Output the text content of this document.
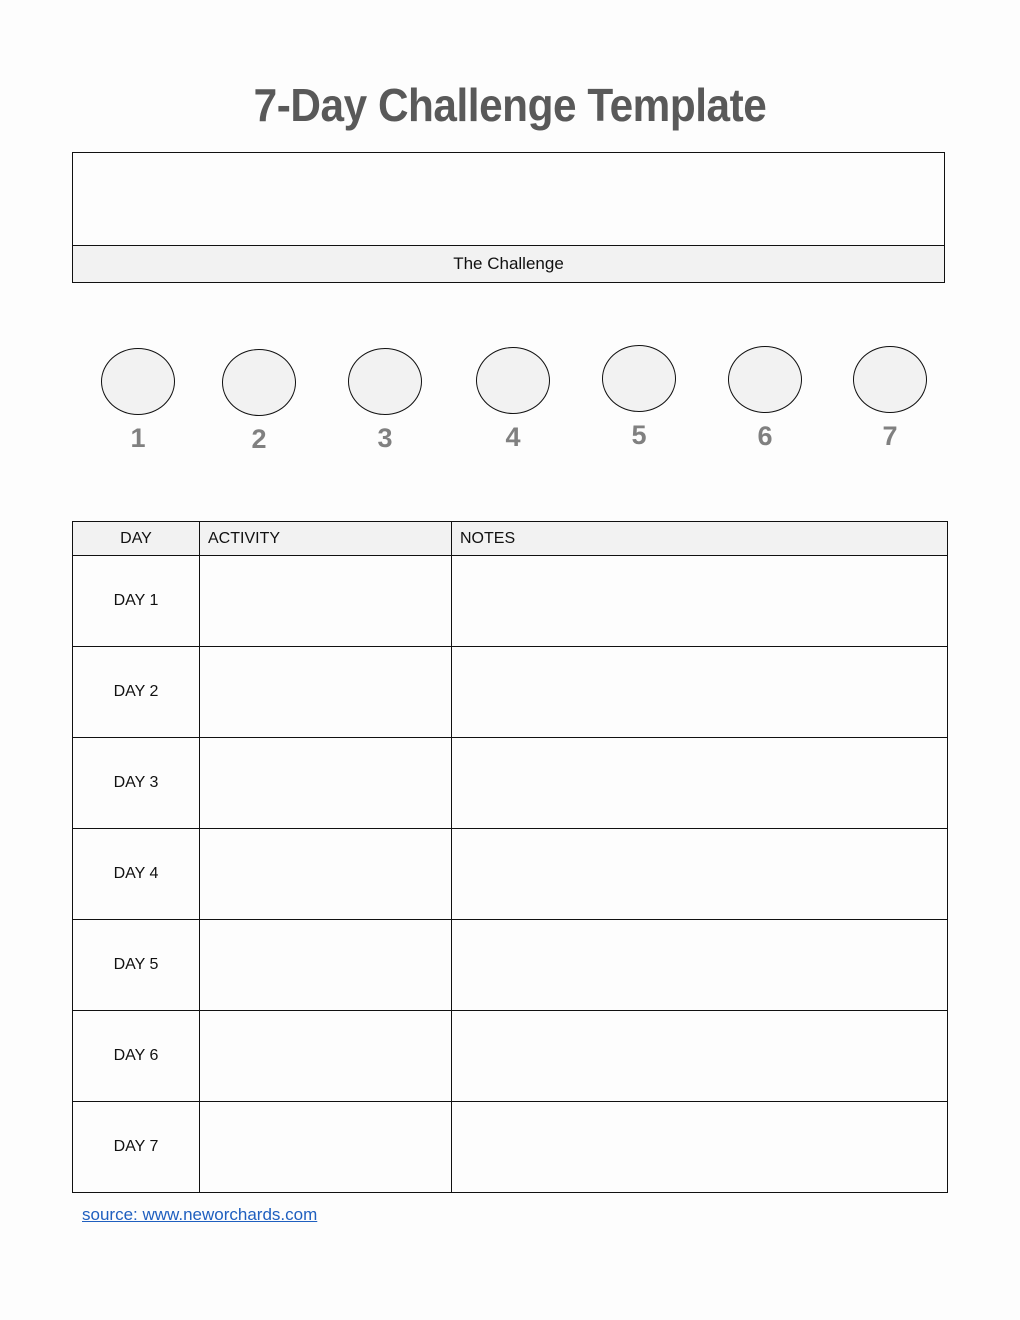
7-Day Challenge Template
The Challenge
1	2	3	4	5	6	7
DAY	ACTIVITY	NOTES
DAY 1		
DAY 2		
DAY 3		
DAY 4		
DAY 5		
DAY 6		
DAY 7		
source: www.neworchards.com
